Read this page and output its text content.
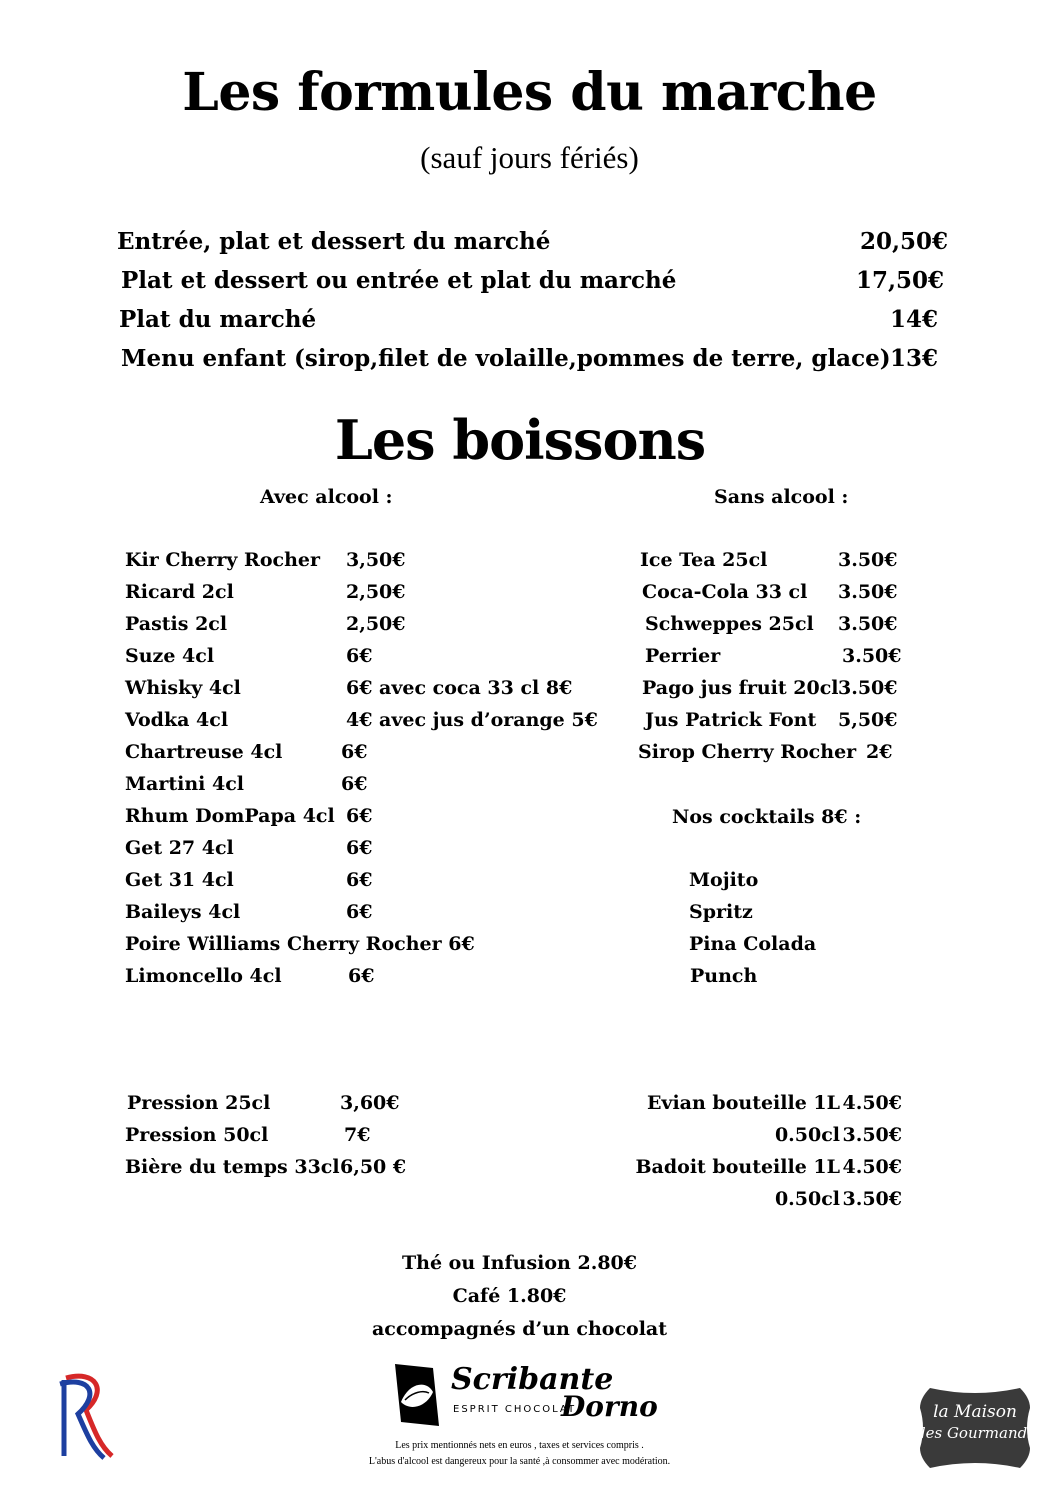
Les formules du marche
(sauf jours fériés)
Entrée, plat et dessert du marché	20,50€
Plat et dessert ou entrée et plat du marché	17,50€
Plat du marché	14€
Menu enfant (sirop,filet de volaille,pommes de terre, glace) 13€
Les boissons
Avec alcool :	Sans alcool :
Kir Cherry Rocher 3,50€
Ricard 2cl	2,50€
Pastis 2cl	2,50€
Suze 4cl	6€
Whisky 4cl	6€ avec coca 33 cl 8€
Vodka 4cl	4€ avec jus d’orange 5€
Chartreuse 4cl	6€
Martini 4cl	6€
Rhum DomPapa 4cl 6€
Get 27 4cl	6€
Get 31 4cl	6€
Baileys 4cl	6€
Poire Williams Cherry Rocher 6€
Limoncello 4cl	6€
Ice Tea 25cl	3.50€
Coca-Cola 33 cl 3.50€
Schweppes 25cl 3.50€
Perrier	3.50€
Pago jus fruit 20cl 3.50€
Jus Patrick Font 5,50€
Sirop Cherry Rocher 2€
Nos cocktails 8€ :
Mojito
Spritz
Pina Colada
Punch
Pression 25cl	3,60€
Pression 50cl	7€
Bière du temps 33cl 6,50 €
Evian bouteille 1L 4.50€
0.50cl 3.50€
Badoit bouteille 1L 4.50€
0.50cl 3.50€
Thé ou Infusion 2.80€
Café 1.80€
accompagnés d’un chocolat
Scribante
ESPRIT CHOCOLAT
Dorno
Les prix mentionnés nets en euros , taxes et services compris .
L'abus d'alcool est dangereux pour la santé ,à consommer avec modération.
la Maison
des Gourmands
